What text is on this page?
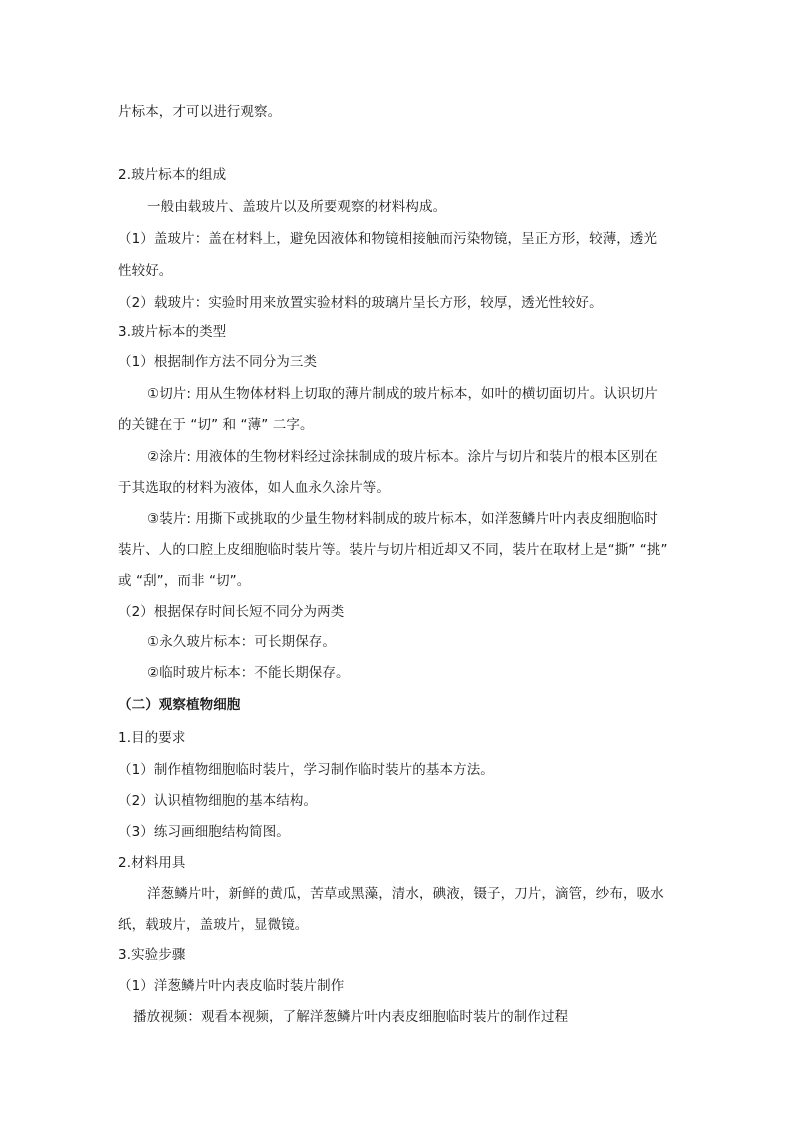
片标本，才可以进行观察。
2.玻片标本的组成
一般由载玻片、盖玻片以及所要观察的材料构成。
（1）盖玻片：盖在材料上，避免因液体和物镜相接触而污染物镜，呈正方形，较薄，透光
性较好。
（2）载玻片：实验时用来放置实验材料的玻璃片呈长方形，较厚，透光性较好。
3.玻片标本的类型
（1）根据制作方法不同分为三类
①切片: 用从生物体材料上切取的薄片制成的玻片标本，如叶的横切面切片。认识切片
的关键在于 “切” 和 “薄” 二字。
②涂片: 用液体的生物材料经过涂抹制成的玻片标本。涂片与切片和装片的根本区别在
于其选取的材料为液体，如人血永久涂片等。
③装片: 用撕下或挑取的少量生物材料制成的玻片标本，如洋葱鳞片叶内表皮细胞临时
装片、人的口腔上皮细胞临时装片等。装片与切片相近却又不同，装片在取材上是“撕” “挑”
或 “刮”，而非 “切”。
（2）根据保存时间长短不同分为两类
①永久玻片标本：可长期保存。
②临时玻片标本：不能长期保存。
（二）观察植物细胞
1.目的要求
（1）制作植物细胞临时装片，学习制作临时装片的基本方法。
（2）认识植物细胞的基本结构。
（3）练习画细胞结构简图。
2.材料用具
洋葱鳞片叶，新鲜的黄瓜，苦草或黑藻，清水，碘液，镊子，刀片，滴管，纱布，吸水
纸，载玻片，盖玻片，显微镜。
3.实验步骤
（1）洋葱鳞片叶内表皮临时装片制作
播放视频：观看本视频，了解洋葱鳞片叶内表皮细胞临时装片的制作过程
